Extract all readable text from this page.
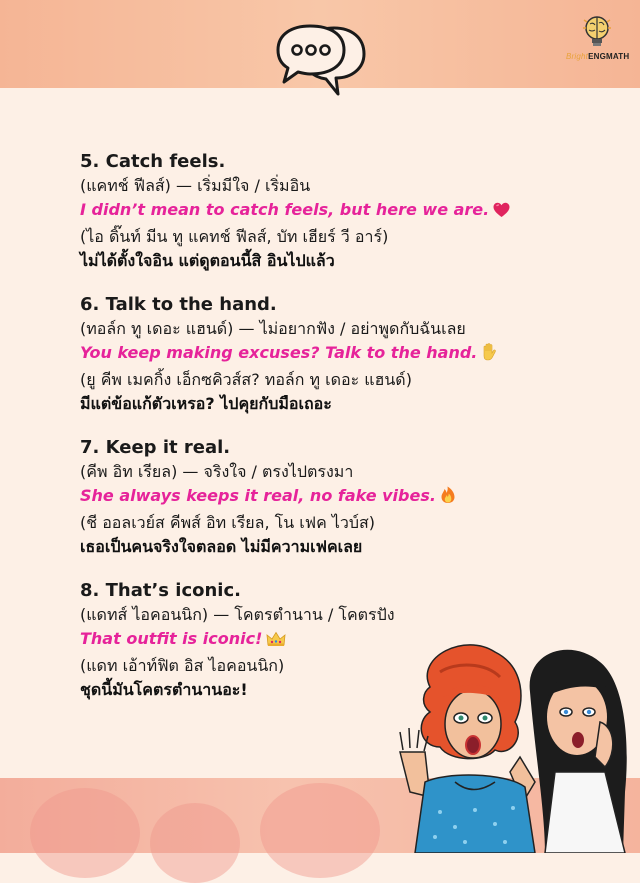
BrightENGMATH
5. Catch feels.
(แคทช์ ฟีลส์) — เริ่มมีใจ / เริ่มอิน
I didn’t mean to catch feels, but here we are.
(ไอ ดิ๊นท์ มีน ทู แคทช์ ฟีลส์, บัท เฮียร์ วี อาร์)
ไม่ได้ตั้งใจอิน แต่ดูตอนนี้สิ อินไปแล้ว
6. Talk to the hand.
(ทอล์ก ทู เดอะ แฮนด์) — ไม่อยากฟัง / อย่าพูดกับฉันเลย
You keep making excuses? Talk to the hand.
(ยู คีพ เมคกิ้ง เอ็กซคิวส์ส? ทอล์ก ทู เดอะ แฮนด์)
มีแต่ข้อแก้ตัวเหรอ? ไปคุยกับมือเถอะ
7. Keep it real.
(คีพ อิท เรียล) — จริงใจ / ตรงไปตรงมา
She always keeps it real, no fake vibes.
(ชี ออลเวย์ส คีพส์ อิท เรียล, โน เฟค ไวบ์ส)
เธอเป็นคนจริงใจตลอด ไม่มีความเฟคเลย
8. That’s iconic.
(แดทส์ ไอคอนนิก) — โคตรตำนาน / โคตรปัง
That outfit is iconic!
(แดท เอ้าท์ฟิต อิส ไอคอนนิก)
ชุดนี้มันโคตรตำนานอะ!
